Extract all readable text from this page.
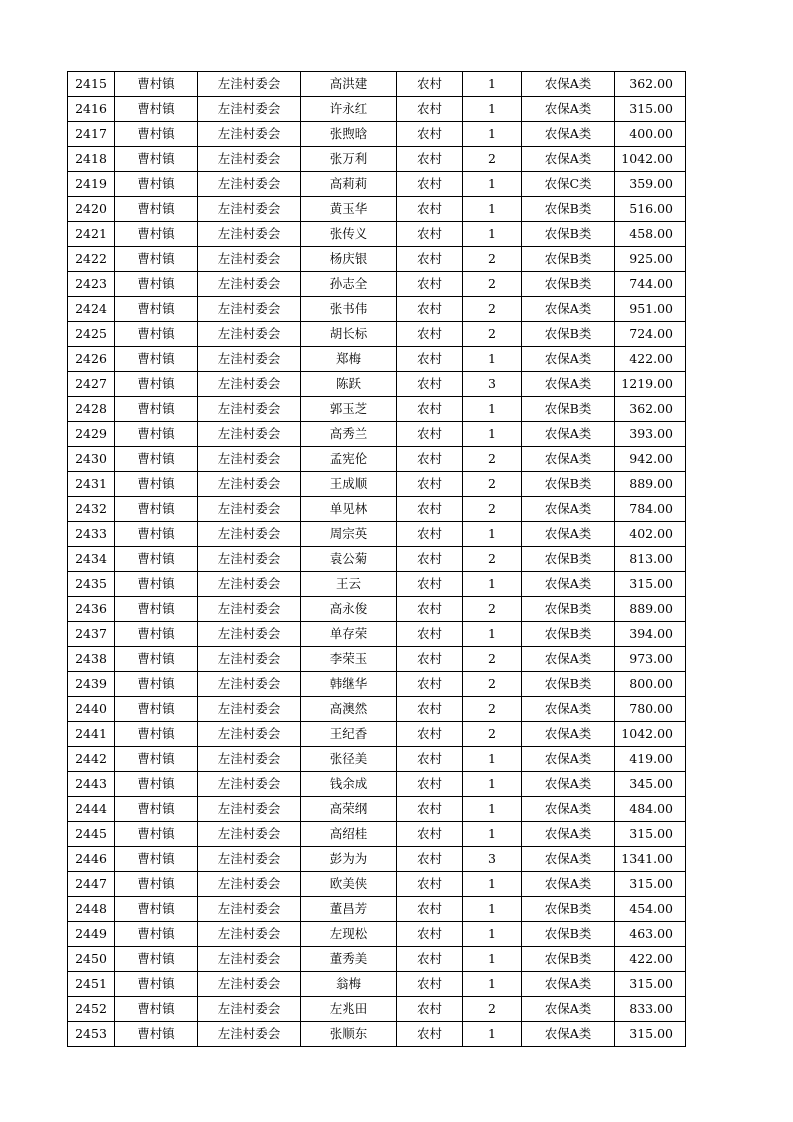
2415	曹村镇	左洼村委会	高洪建	农村	1	农保A类	362.00
2416	曹村镇	左洼村委会	许永红	农村	1	农保A类	315.00
2417	曹村镇	左洼村委会	张煦晗	农村	1	农保A类	400.00
2418	曹村镇	左洼村委会	张万利	农村	2	农保A类	1042.00
2419	曹村镇	左洼村委会	高莉莉	农村	1	农保C类	359.00
2420	曹村镇	左洼村委会	黄玉华	农村	1	农保B类	516.00
2421	曹村镇	左洼村委会	张传义	农村	1	农保B类	458.00
2422	曹村镇	左洼村委会	杨庆银	农村	2	农保B类	925.00
2423	曹村镇	左洼村委会	孙志全	农村	2	农保B类	744.00
2424	曹村镇	左洼村委会	张书伟	农村	2	农保A类	951.00
2425	曹村镇	左洼村委会	胡长标	农村	2	农保B类	724.00
2426	曹村镇	左洼村委会	郑梅	农村	1	农保A类	422.00
2427	曹村镇	左洼村委会	陈跃	农村	3	农保A类	1219.00
2428	曹村镇	左洼村委会	郭玉芝	农村	1	农保B类	362.00
2429	曹村镇	左洼村委会	高秀兰	农村	1	农保A类	393.00
2430	曹村镇	左洼村委会	孟宪伦	农村	2	农保A类	942.00
2431	曹村镇	左洼村委会	王成顺	农村	2	农保B类	889.00
2432	曹村镇	左洼村委会	单见林	农村	2	农保A类	784.00
2433	曹村镇	左洼村委会	周宗英	农村	1	农保A类	402.00
2434	曹村镇	左洼村委会	袁公菊	农村	2	农保B类	813.00
2435	曹村镇	左洼村委会	王云	农村	1	农保A类	315.00
2436	曹村镇	左洼村委会	高永俊	农村	2	农保B类	889.00
2437	曹村镇	左洼村委会	单存荣	农村	1	农保B类	394.00
2438	曹村镇	左洼村委会	李荣玉	农村	2	农保A类	973.00
2439	曹村镇	左洼村委会	韩继华	农村	2	农保B类	800.00
2440	曹村镇	左洼村委会	高澳然	农村	2	农保A类	780.00
2441	曹村镇	左洼村委会	王纪香	农村	2	农保A类	1042.00
2442	曹村镇	左洼村委会	张径美	农村	1	农保A类	419.00
2443	曹村镇	左洼村委会	钱余成	农村	1	农保A类	345.00
2444	曹村镇	左洼村委会	高荣纲	农村	1	农保A类	484.00
2445	曹村镇	左洼村委会	高绍桂	农村	1	农保A类	315.00
2446	曹村镇	左洼村委会	彭为为	农村	3	农保A类	1341.00
2447	曹村镇	左洼村委会	欧美侠	农村	1	农保A类	315.00
2448	曹村镇	左洼村委会	董昌芳	农村	1	农保B类	454.00
2449	曹村镇	左洼村委会	左现松	农村	1	农保B类	463.00
2450	曹村镇	左洼村委会	董秀美	农村	1	农保B类	422.00
2451	曹村镇	左洼村委会	翁梅	农村	1	农保A类	315.00
2452	曹村镇	左洼村委会	左兆田	农村	2	农保A类	833.00
2453	曹村镇	左洼村委会	张顺东	农村	1	农保A类	315.00
